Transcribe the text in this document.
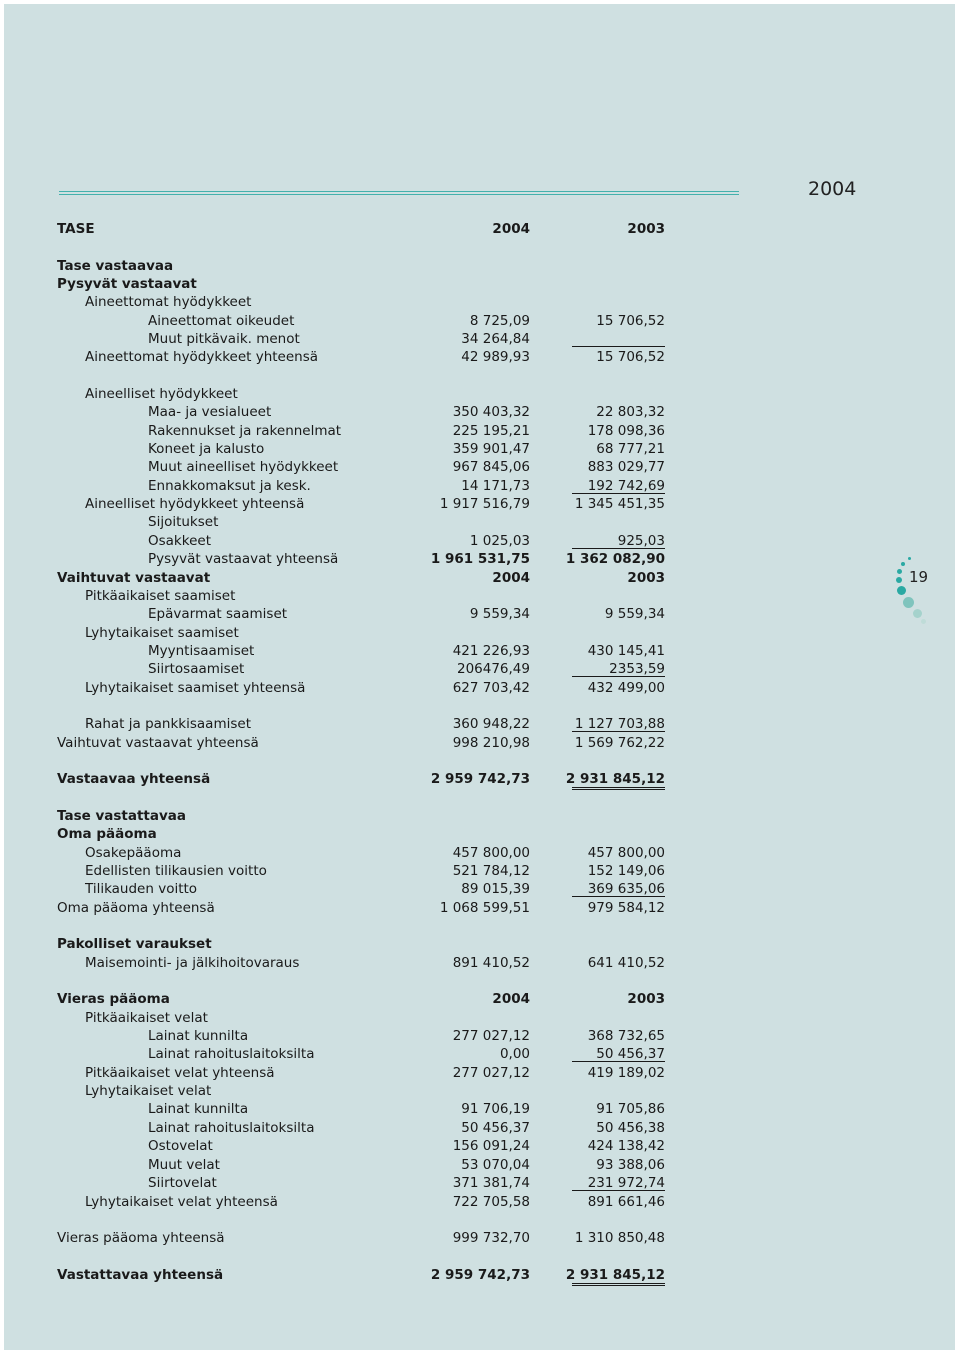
2004
19
TASE	2004	2003
Tase vastaavaa
Pysyvät vastaavat
Aineettomat hyödykkeet
Aineettomat oikeudet	8 725,09	15 706,52
Muut pitkävaik. menot	34 264,84
Aineettomat hyödykkeet yhteensä	42 989,93	15 706,52
Aineelliset hyödykkeet
Maa- ja vesialueet	350 403,32	22 803,32
Rakennukset ja rakennelmat	225 195,21	178 098,36
Koneet ja kalusto	359 901,47	68 777,21
Muut aineelliset hyödykkeet	967 845,06	883 029,77
Ennakkomaksut ja kesk.	14 171,73	192 742,69
Aineelliset hyödykkeet yhteensä	1 917 516,79	1 345 451,35
Sijoitukset
Osakkeet	1 025,03	925,03
Pysyvät vastaavat yhteensä	1 961 531,75	1 362 082,90
Vaihtuvat vastaavat	2004	2003
Pitkäaikaiset saamiset
Epävarmat saamiset	9 559,34	9 559,34
Lyhytaikaiset saamiset
Myyntisaamiset	421 226,93	430 145,41
Siirtosaamiset	206476,49	2353,59
Lyhytaikaiset saamiset yhteensä	627 703,42	432 499,00
Rahat ja pankkisaamiset	360 948,22	1 127 703,88
Vaihtuvat vastaavat yhteensä	998 210,98	1 569 762,22
Vastaavaa yhteensä	2 959 742,73	2 931 845,12
Tase vastattavaa
Oma pääoma
Osakepääoma	457 800,00	457 800,00
Edellisten tilikausien voitto	521 784,12	152 149,06
Tilikauden voitto	89 015,39	369 635,06
Oma pääoma yhteensä	1 068 599,51	979 584,12
Pakolliset varaukset
Maisemointi- ja jälkihoitovaraus	891 410,52	641 410,52
Vieras pääoma	2004	2003
Pitkäaikaiset velat
Lainat kunnilta	277 027,12	368 732,65
Lainat rahoituslaitoksilta	0,00	50 456,37
Pitkäaikaiset velat yhteensä	277 027,12	419 189,02
Lyhytaikaiset velat
Lainat kunnilta	91 706,19	91 705,86
Lainat rahoituslaitoksilta	50 456,37	50 456,38
Ostovelat	156 091,24	424 138,42
Muut velat	53 070,04	93 388,06
Siirtovelat	371 381,74	231 972,74
Lyhytaikaiset velat yhteensä	722 705,58	891 661,46
Vieras pääoma yhteensä	999 732,70	1 310 850,48
Vastattavaa yhteensä	2 959 742,73	2 931 845,12
